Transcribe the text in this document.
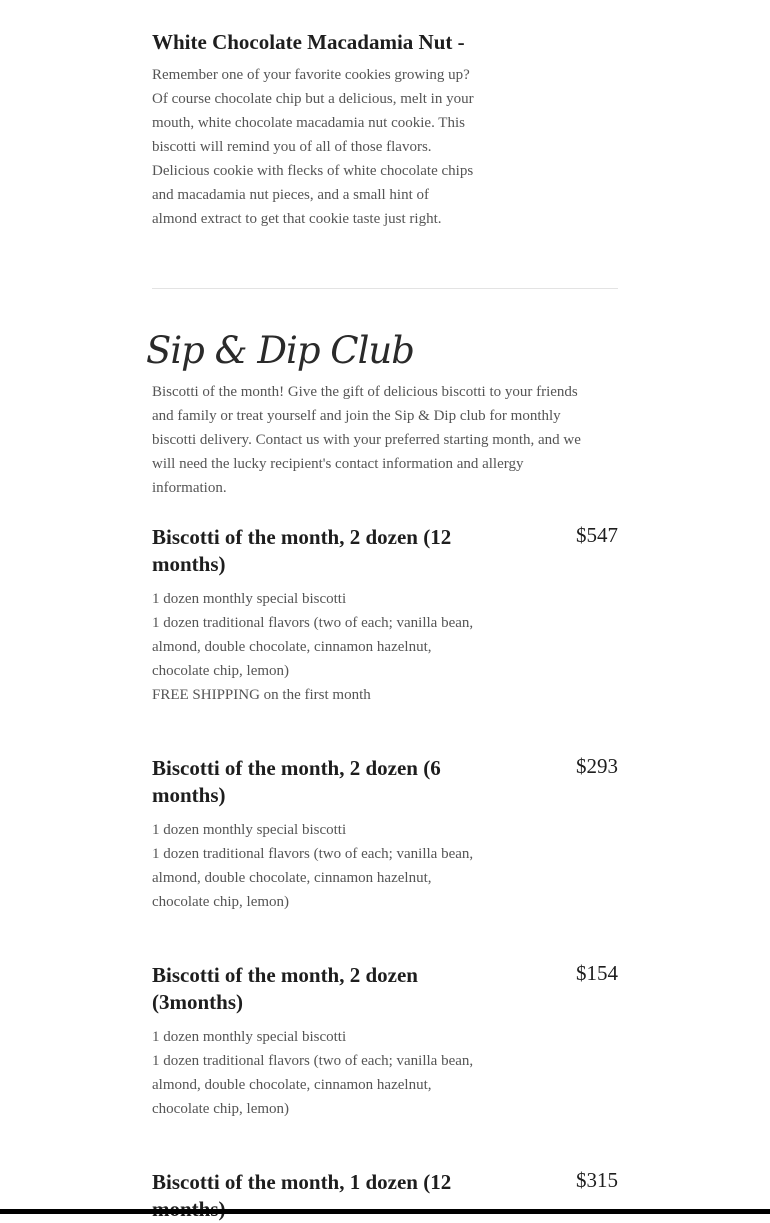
White Chocolate Macadamia Nut -

Remember one of your favorite cookies growing up?
Of course chocolate chip but a delicious, melt in your
mouth, white chocolate macadamia nut cookie. This
biscotti will remind you of all of those flavors.
Delicious cookie with flecks of white chocolate chips
and macadamia nut pieces, and a small hint of
almond extract to get that cookie taste just right.

Sip & Dip Club

Biscotti of the month! Give the gift of delicious biscotti to your friends
and family or treat yourself and join the Sip & Dip club for monthly
biscotti delivery. Contact us with your preferred starting month, and we
will need the lucky recipient's contact information and allergy
information.

$547
Biscotti of the month, 2 dozen (12
months)

1 dozen monthly special biscotti
1 dozen traditional flavors (two of each; vanilla bean,
almond, double chocolate, cinnamon hazelnut,
chocolate chip, lemon)
FREE SHIPPING on the first month

$293
Biscotti of the month, 2 dozen (6
months)

1 dozen monthly special biscotti
1 dozen traditional flavors (two of each; vanilla bean,
almond, double chocolate, cinnamon hazelnut,
chocolate chip, lemon)

$154
Biscotti of the month, 2 dozen
(3months)

1 dozen monthly special biscotti
1 dozen traditional flavors (two of each; vanilla bean,
almond, double chocolate, cinnamon hazelnut,
chocolate chip, lemon)

$315
Biscotti of the month, 1 dozen (12
